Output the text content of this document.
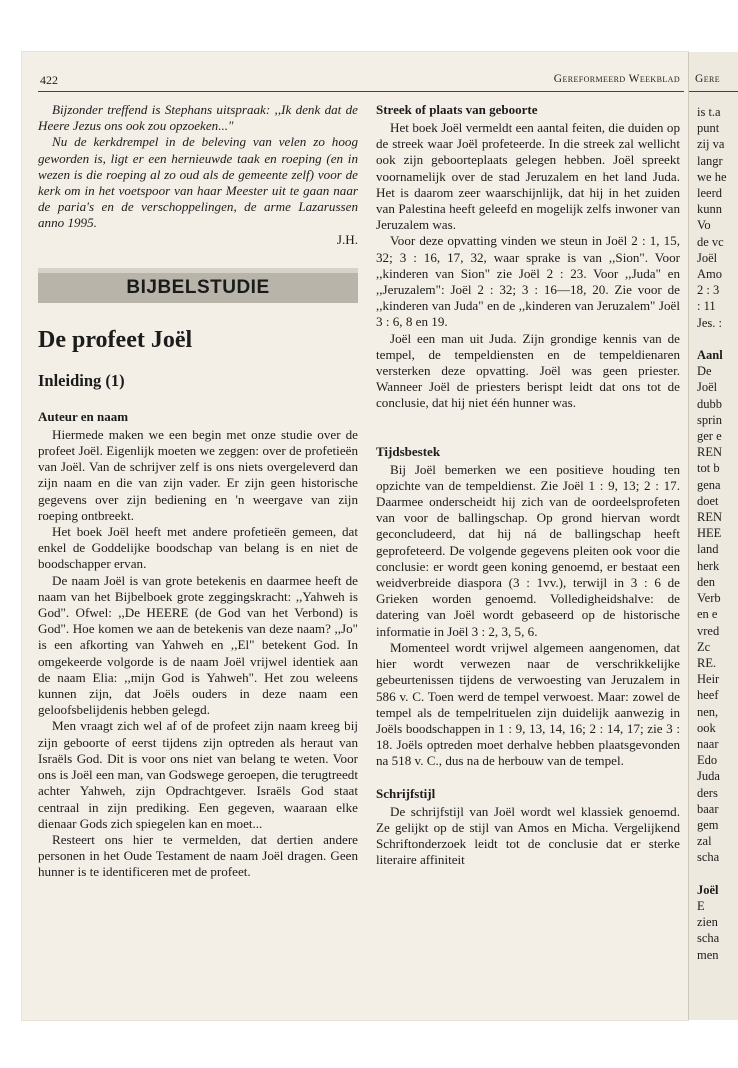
422	Gereformeerd Weekblad

Bijzonder treffend is Stephans uitspraak: ,,Ik denk dat de Heere Jezus ons ook zou opzoeken..."

Nu de kerkdrempel in de beleving van velen zo hoog geworden is, ligt er een hernieuwde taak en roeping (en in wezen is die roeping al zo oud als de gemeente zelf) voor de kerk om in het voetspoor van haar Meester uit te gaan naar de paria's en de verschoppelingen, de arme Lazarussen anno 1995.

J.H.

BIJBELSTUDIE
De profeet Joël
Inleiding (1)
Auteur en naam

Hiermede maken we een begin met onze studie over de profeet Joël. Eigenlijk moeten we zeggen: over de profetieën van Joël. Van de schrijver zelf is ons niets overgeleverd dan zijn naam en die van zijn vader. Er zijn geen historische gegevens over zijn bediening en 'n weergave van zijn roeping ontbreekt.

Het boek Joël heeft met andere profetieën gemeen, dat enkel de Goddelijke boodschap van belang is en niet de boodschapper ervan.

De naam Joël is van grote betekenis en daarmee heeft de naam van het Bijbelboek grote zeggingskracht: ,,Yahweh is God". Ofwel: ,,De HEERE (de God van het Verbond) is God". Hoe komen we aan de betekenis van deze naam? ,,Jo" is een afkorting van Yahweh en ,,El" betekent God. In omgekeerde volgorde is de naam Joël vrijwel identiek aan de naam Elia: ,,mijn God is Yahweh". Het zou weleens kunnen zijn, dat Joëls ouders in deze naam een geloofsbelijdenis hebben gelegd.

Men vraagt zich wel af of de profeet zijn naam kreeg bij zijn geboorte of eerst tijdens zijn optreden als heraut van Israëls God. Dit is voor ons niet van belang te weten. Voor ons is Joël een man, van Godswege geroepen, die terugtreedt achter Yahweh, zijn Opdrachtgever. Israëls God staat centraal in zijn prediking. Een gegeven, waaraan elke dienaar Gods zich spiegelen kan en moet...

Resteert ons hier te vermelden, dat dertien andere personen in het Oude Testament de naam Joël dragen. Geen hunner is te identificeren met de profeet.

Streek of plaats van geboorte

Het boek Joël vermeldt een aantal feiten, die duiden op de streek waar Joël profeteerde. In die streek zal wellicht ook zijn geboorteplaats gelegen hebben. Joël spreekt voornamelijk over de stad Jeruzalem en het land Juda. Het is daarom zeer waarschijnlijk, dat hij in het zuiden van Palestina heeft geleefd en mogelijk zelfs inwoner van Jeruzalem was.

Voor deze opvatting vinden we steun in Joël 2 : 1, 15, 32; 3 : 16, 17, 32, waar sprake is van ,,Sion". Voor ,,kinderen van Sion" zie Joël 2 : 23. Voor ,,Juda" en ,,Jeruzalem": Joël 2 : 32; 3 : 16—18, 20. Zie voor de ,,kinderen van Juda" en de ,,kinderen van Jeruzalem" Joël 3 : 6, 8 en 19.

Joël een man uit Juda. Zijn grondige kennis van de tempel, de tempeldiensten en de tempeldienaren versterken deze opvatting. Joël was geen priester. Wanneer Joël de priesters berispt leidt dat ons tot de conclusie, dat hij niet één hunner was.

Tijdsbestek

Bij Joël bemerken we een positieve houding ten opzichte van de tempeldienst. Zie Joël 1 : 9, 13; 2 : 17. Daarmee onderscheidt hij zich van de oordeelsprofeten van voor de ballingschap. Op grond hiervan wordt geconcludeerd, dat hij ná de ballingschap heeft geprofeteerd. De volgende gegevens pleiten ook voor die conclusie: er wordt geen koning genoemd, er bestaat een weidverbreide diaspora (3 : 1vv.), terwijl in 3 : 6 de Grieken worden genoemd. Volledigheidshalve: de datering van Joël wordt gebaseerd op de historische informatie in Joël 3 : 2, 3, 5, 6.

Momenteel wordt vrijwel algemeen aangenomen, dat hier wordt verwezen naar de verschrikkelijke gebeurtenissen tijdens de verwoesting van Jeruzalem in 586 v. C. Toen werd de tempel verwoest. Maar: zowel de tempel als de tempelrituelen zijn duidelijk aanwezig in Joëls boodschappen in 1 : 9, 13, 14, 16; 2 : 14, 17; zie 3 : 18. Joëls optreden moet derhalve hebben plaatsgevonden na 518 v. C., dus na de herbouw van de tempel.

Schrijfstijl

De schrijfstijl van Joël wordt wel klassiek genoemd. Ze gelijkt op de stijl van Amos en Micha. Vergelijkend Schriftonderzoek leidt tot de conclusie dat er sterke literaire affiniteit

Gere
is t.a
punt
zij va
langr
we he
leerd
kunn
Vo
de vc
Joël
Amo
2 : 3
: 11
Jes. :

Aanl
De
Joël
dubb
sprin
ger e
REN
tot b
gena
doet
REN
HEE
land
herk
den
Verb
en e
vred
Zc
RE.
Heir
heef
nen,
ook
naar
Edo
Juda
ders
baar
gem
zal
scha

Joël
E
zien
scha
men
